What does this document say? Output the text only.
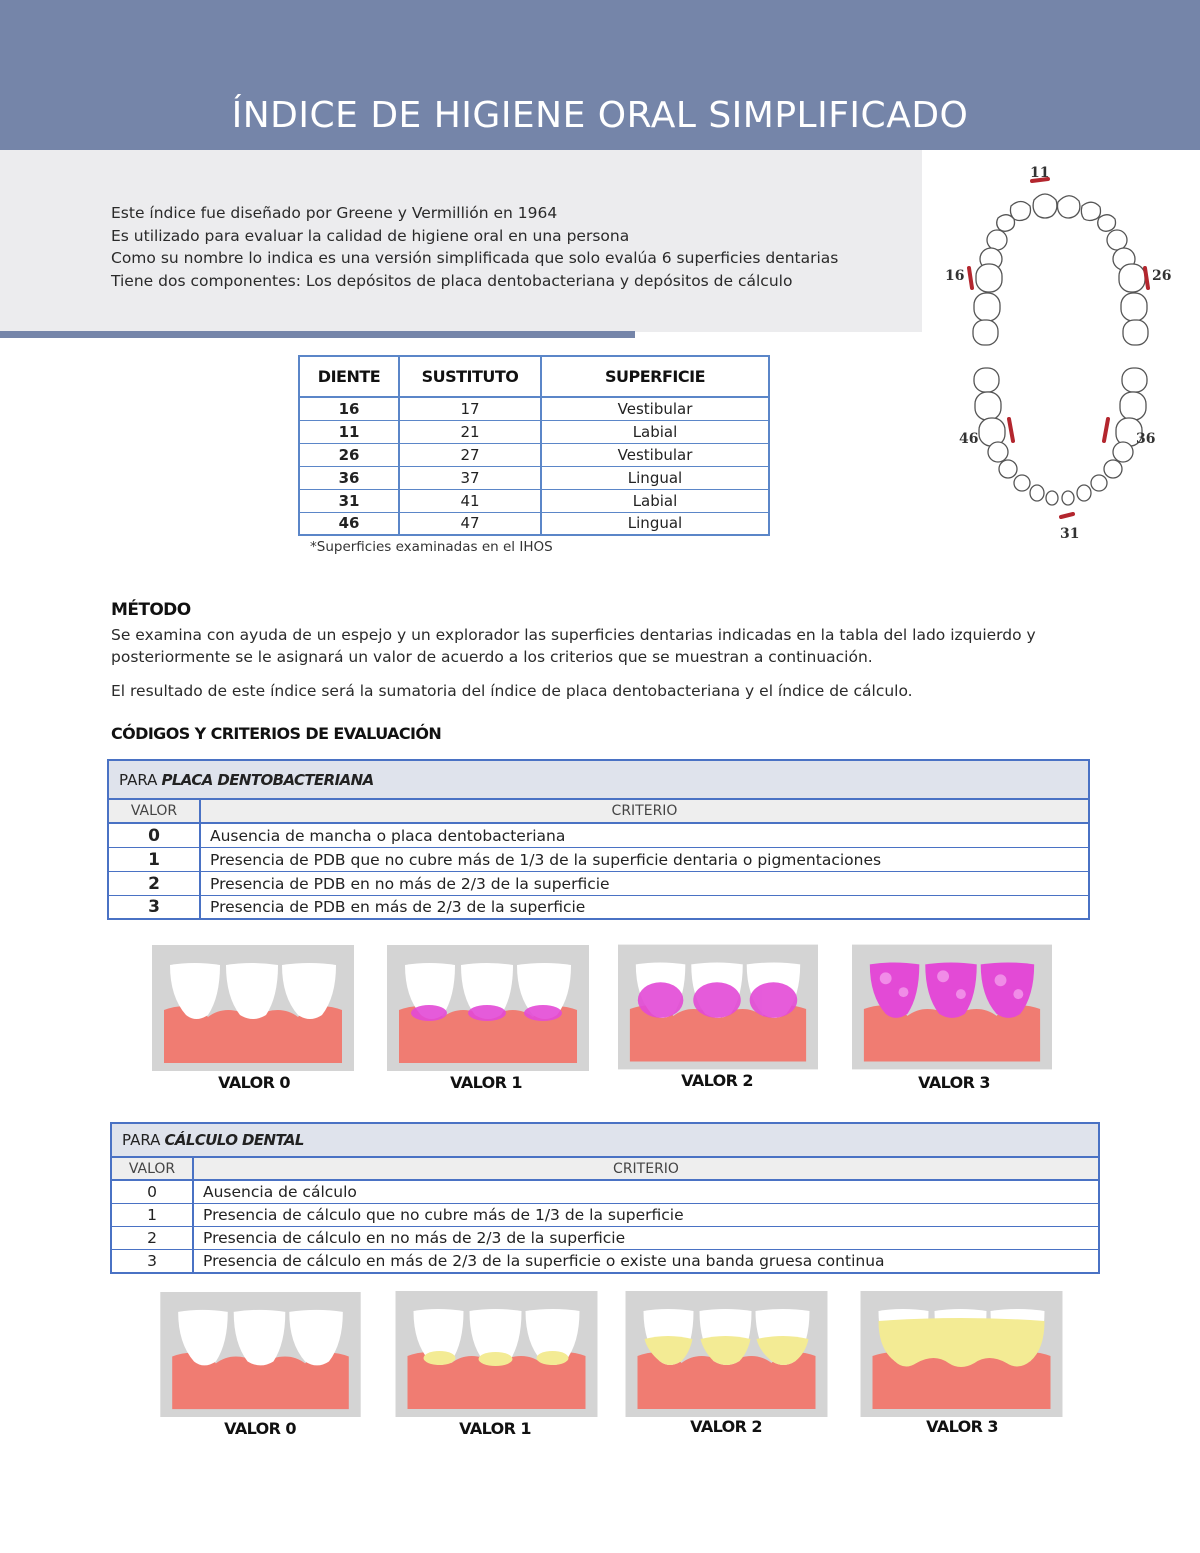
ÍNDICE DE HIGIENE ORAL SIMPLIFICADO
Este índice fue diseñado por Greene y Vermillión en 1964
Es utilizado para evaluar la calidad de higiene oral en una persona
Como su nombre lo indica es una versión simplificada que solo evalúa 6 superficies dentarias
Tiene dos componentes: Los depósitos de placa dentobacteriana y depósitos de cálculo
11
16	26
46	36
31
DIENTE	SUSTITUTO	SUPERFICIE
16	17	Vestibular
11	21	Labial
26	27	Vestibular
36	37	Lingual
31	41	Labial
46	47	Lingual
*Superficies examinadas en el IHOS
MÉTODO
Se examina con ayuda de un espejo y un explorador las superficies dentarias indicadas en la tabla del lado izquierdo y posteriormente se le asignará un valor de acuerdo a los criterios que se muestran a continuación.
El resultado de este índice será la sumatoria del índice de placa dentobacteriana y el índice de cálculo.
CÓDIGOS Y CRITERIOS DE EVALUACIÓN
PARA PLACA DENTOBACTERIANA
VALOR	CRITERIO
0	Ausencia de mancha o placa dentobacteriana
1	Presencia de PDB que no cubre más de 1/3 de la superficie dentaria o pigmentaciones
2	Presencia de PDB en no más de 2/3 de la superficie
3	Presencia de PDB en más de 2/3 de la superficie
VALOR 0	VALOR 1	VALOR 2	VALOR 3
PARA CÁLCULO DENTAL
VALOR	CRITERIO
0	Ausencia de cálculo
1	Presencia de cálculo que no cubre más de 1/3 de la superficie
2	Presencia de cálculo en no más de 2/3 de la superficie
3	Presencia de cálculo en más de 2/3 de la superficie o existe una banda gruesa continua
VALOR 0	VALOR 1	VALOR 2	VALOR 3
